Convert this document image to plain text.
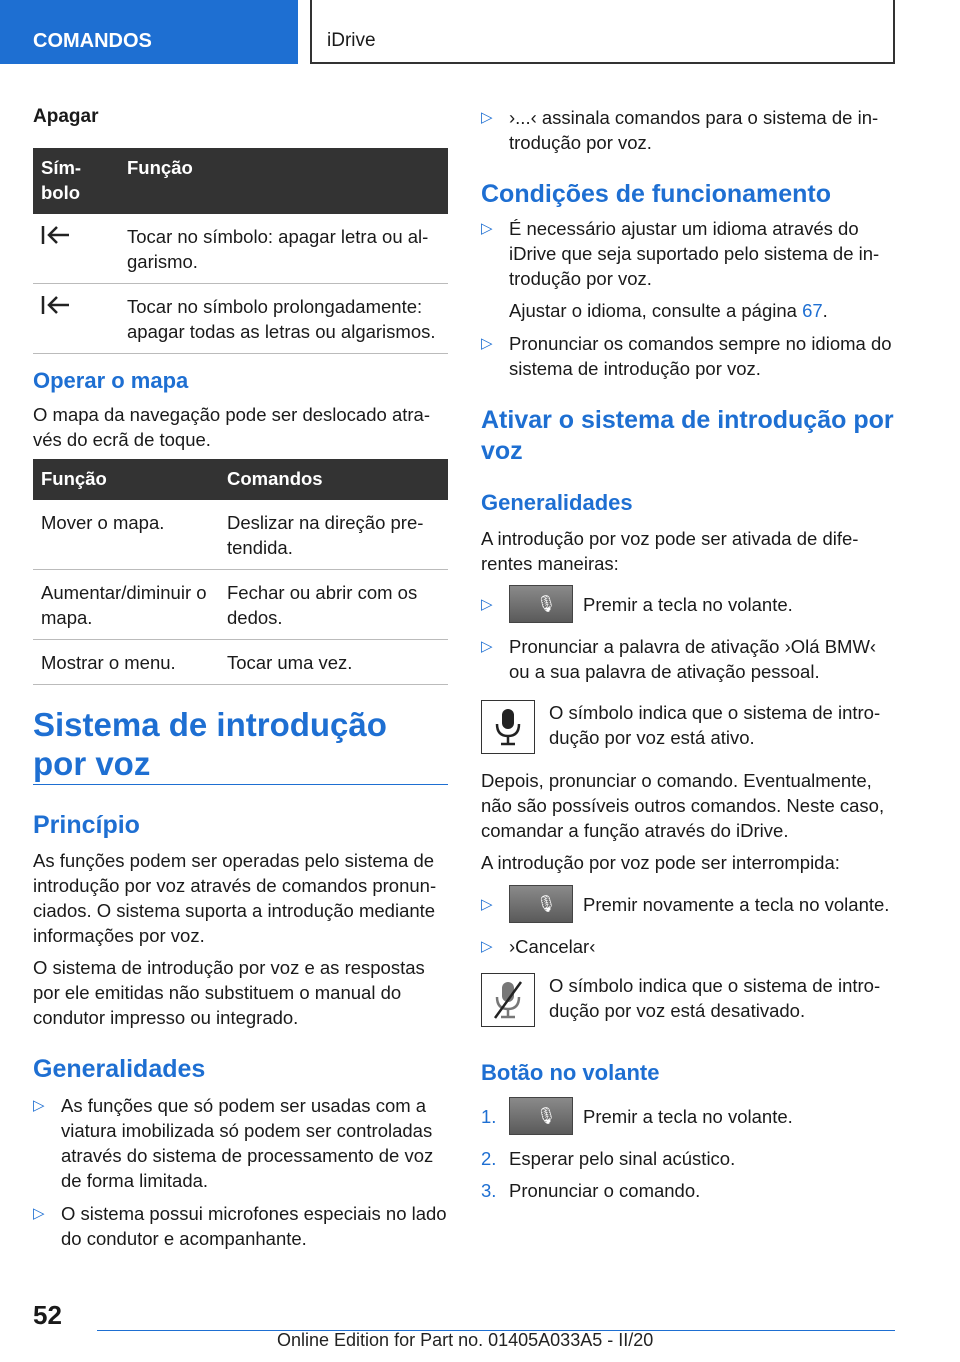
COMANDOS	iDrive
Apagar
Sím-
bolo	Função
	Tocar no símbolo: apagar letra ou al-garismo.
	Tocar no símbolo prolongadamente: apagar todas as letras ou algarismos.
Operar o mapa

O mapa da navegação pode ser deslocado atra-vés do ecrã de toque.

Função	Comandos
Mover o mapa.	Deslizar na direção pre-tendida.
Aumentar/diminuir o mapa.	Fechar ou abrir com os dedos.
Mostrar o menu.	Tocar uma vez.
Sistema de introdução por voz
Princípio

As funções podem ser operadas pelo sistema de introdução por voz através de comandos pronun-ciados. O sistema suporta a introdução mediante informações por voz.

O sistema de introdução por voz e as respostas por ele emitidas não substituem o manual do condutor impresso ou integrado.

Generalidades
▷ As funções que só podem ser usadas com a viatura imobilizada só podem ser controladas através do sistema de processamento de voz de forma limitada.

▷ O sistema possui microfones especiais no lado do condutor e acompanhante.

▷ ›...‹ assinala comandos para o sistema de in-trodução por voz.

Condições de funcionamento
▷ É necessário ajustar um idioma através do iDrive que seja suportado pelo sistema de in-trodução por voz.

Ajustar o idioma, consulte a página 67.

▷ Pronunciar os comandos sempre no idioma do sistema de introdução por voz.

Ativar o sistema de introdução por voz
Generalidades

A introdução por voz pode ser ativada de dife-rentes maneiras:

▷	🎙 Premir a tecla no volante.

▷ Pronunciar a palavra de ativação ›Olá BMW‹ ou a sua palavra de ativação pessoal.

O símbolo indica que o sistema de intro-dução por voz está ativo.

Depois, pronunciar o comando. Eventualmente, não são possíveis outros comandos. Neste caso, comandar a função através do iDrive.

A introdução por voz pode ser interrompida:

▷	🎙 Premir novamente a tecla no volante.

▷ ›Cancelar‹

O símbolo indica que o sistema de intro-dução por voz está desativado.

Botão no volante
1.	🎙 Premir a tecla no volante.

2. Esperar pelo sinal acústico.

3. Pronunciar o comando.

52
Online Edition for Part no. 01405A033A5 - II/20
